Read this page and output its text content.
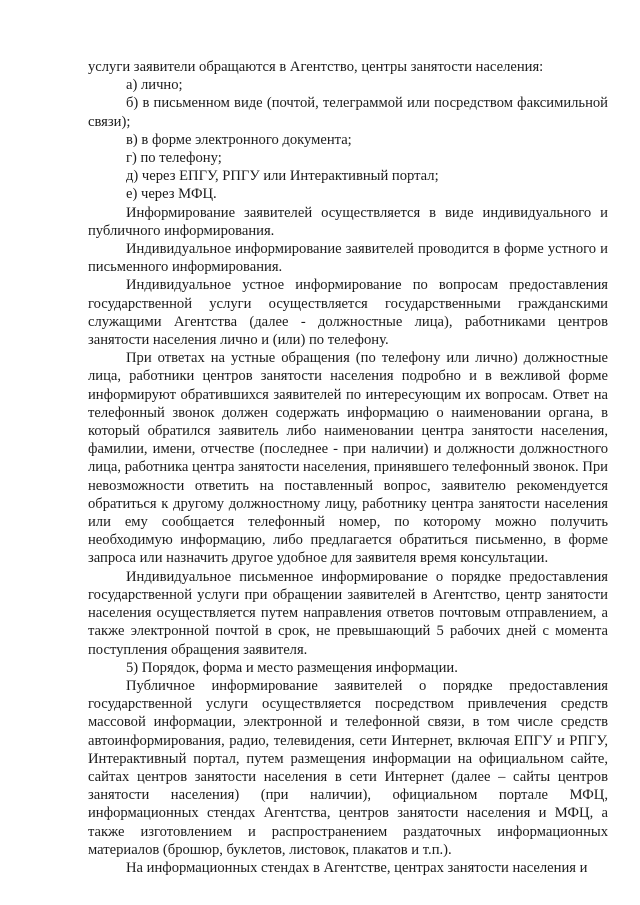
услуги заявители обращаются в Агентство, центры занятости населения:

а) лично;

б) в письменном виде (почтой, телеграммой или посредством факсимильной связи);

в) в форме электронного документа;

г) по телефону;

д) через ЕПГУ, РПГУ или Интерактивный портал;

е) через МФЦ.

Информирование заявителей осуществляется в виде индивидуального и публичного информирования.

Индивидуальное информирование заявителей проводится в форме устного и письменного информирования.

Индивидуальное устное информирование по вопросам предоставления государственной услуги осуществляется государственными гражданскими служащими Агентства (далее - должностные лица), работниками центров занятости населения лично и (или) по телефону.

При ответах на устные обращения (по телефону или лично) должностные лица, работники центров занятости населения подробно и в вежливой форме информируют обратившихся заявителей по интересующим их вопросам. Ответ на телефонный звонок должен содержать информацию о наименовании органа, в который обратился заявитель либо наименовании центра занятости населения, фамилии, имени, отчестве (последнее - при наличии) и должности должностного лица, работника центра занятости населения, принявшего телефонный звонок. При невозможности ответить на поставленный вопрос, заявителю рекомендуется обратиться к другому должностному лицу, работнику центра занятости населения или ему сообщается телефонный номер, по которому можно получить необходимую информацию, либо предлагается обратиться письменно, в форме запроса или назначить другое удобное для заявителя время консультации.

Индивидуальное письменное информирование о порядке предоставления государственной услуги при обращении заявителей в Агентство, центр занятости населения осуществляется путем направления ответов почтовым отправлением, а также электронной почтой в срок, не превышающий 5 рабочих дней с момента поступления обращения заявителя.

5) Порядок, форма и место размещения информации.

Публичное информирование заявителей о порядке предоставления государственной услуги осуществляется посредством привлечения средств массовой информации, электронной и телефонной связи, в том числе средств автоинформирования, радио, телевидения, сети Интернет, включая ЕПГУ и РПГУ, Интерактивный портал, путем размещения информации на официальном сайте, сайтах центров занятости населения в сети Интернет (далее – сайты центров занятости населения) (при наличии), официальном портале МФЦ, информационных стендах Агентства, центров занятости населения и МФЦ, а также изготовлением и распространением раздаточных информационных материалов (брошюр, буклетов, листовок, плакатов и т.п.).

На информационных стендах в Агентстве, центрах занятости населения и
